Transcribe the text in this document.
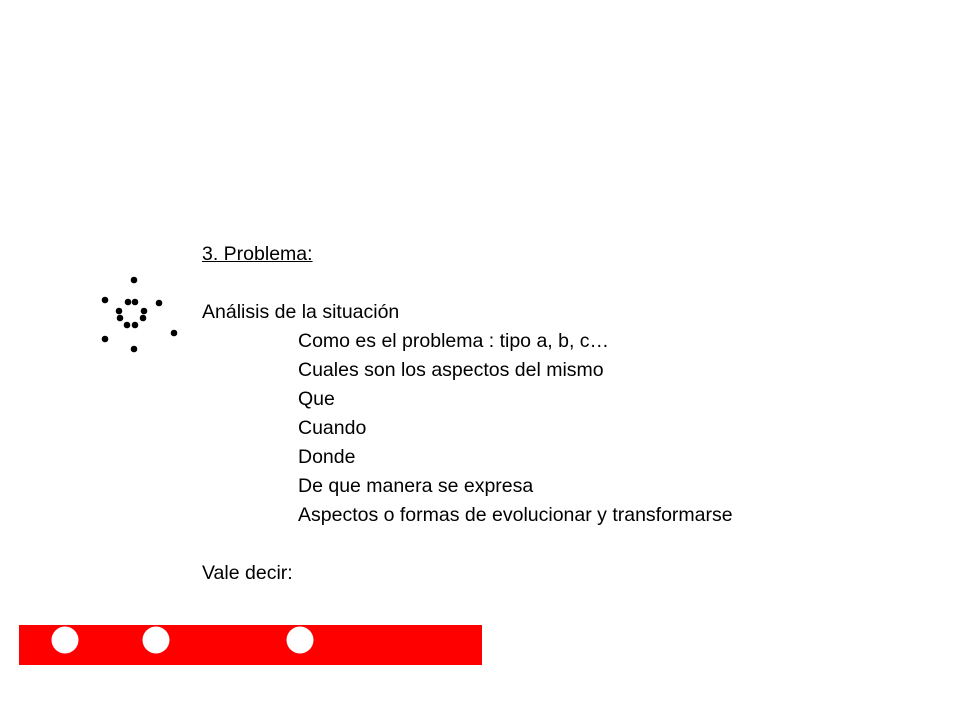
3. Problema:
Análisis de la situación
Como es el problema : tipo a, b, c…
Cuales son los aspectos del mismo
Que
Cuando
Donde
De que manera se expresa
Aspectos o formas de evolucionar y transformarse
Vale decir:
